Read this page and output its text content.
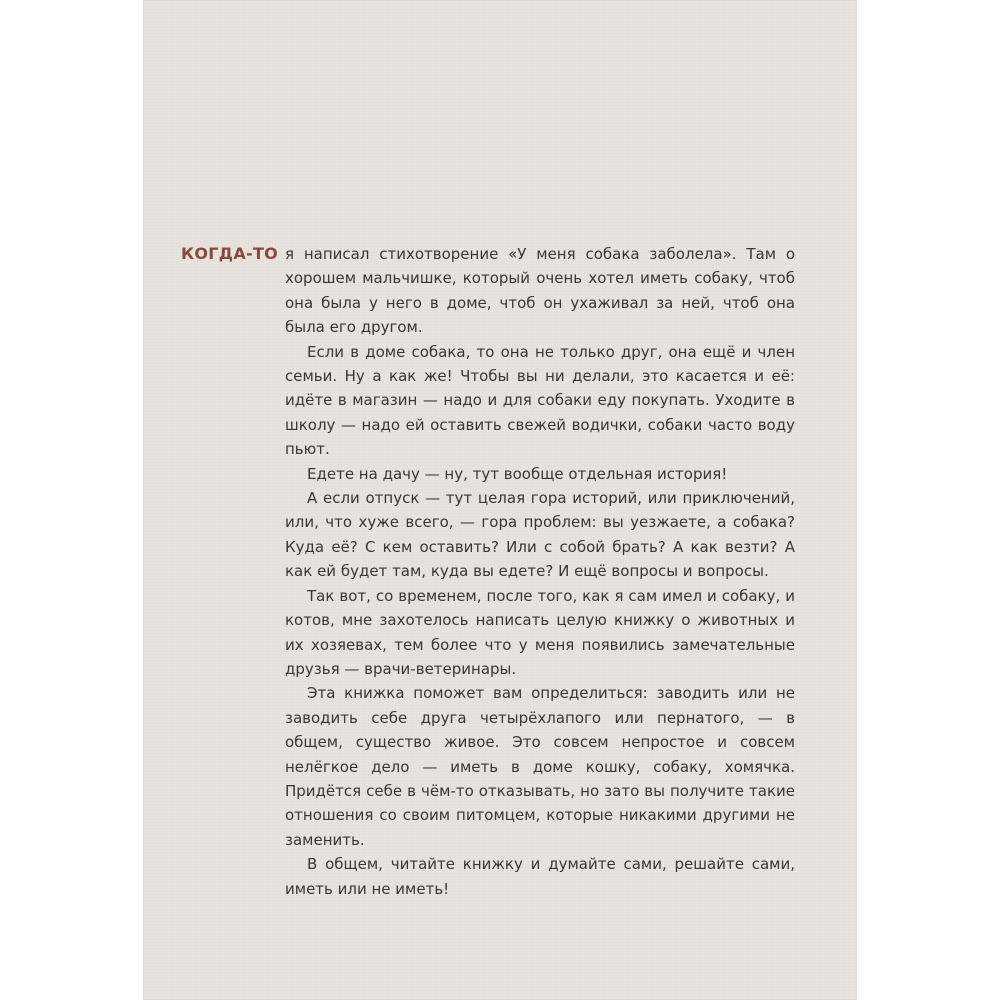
КОГДА-ТО я написал стихотворение «У меня собака заболела». Там о хорошем мальчишке, который очень хотел иметь собаку, чтоб она была у него в доме, чтоб он ухаживал за ней, чтоб она была его другом.

Если в доме собака, то она не только друг, она ещё и член семьи. Ну а как же! Чтобы вы ни делали, это касается и её: идёте в магазин — надо и для собаки еду покупать. Уходите в школу — надо ей оставить свежей водички, собаки часто воду пьют.

Едете на дачу — ну, тут вообще отдельная история!

А если отпуск — тут целая гора историй, или приключений, или, что хуже всего, — гора проблем: вы уезжаете, а собака? Куда её? С кем оставить? Или с собой брать? А как везти? А как ей будет там, куда вы едете? И ещё вопросы и вопросы.

Так вот, со временем, после того, как я сам имел и собаку, и котов, мне захотелось написать целую книжку о животных и их хозяевах, тем более что у меня появились замечательные друзья — врачи-ветеринары.

Эта книжка поможет вам определиться: заводить или не заводить себе друга четырёхлапого или пернатого, — в общем, существо живое. Это совсем непростое и совсем нелёгкое дело — иметь в доме кошку, собаку, хомячка. Придётся себе в чём-то отказывать, но зато вы получите такие отношения со своим питомцем, которые никакими другими не заменить.

В общем, читайте книжку и думайте сами, решайте сами, иметь или не иметь!
